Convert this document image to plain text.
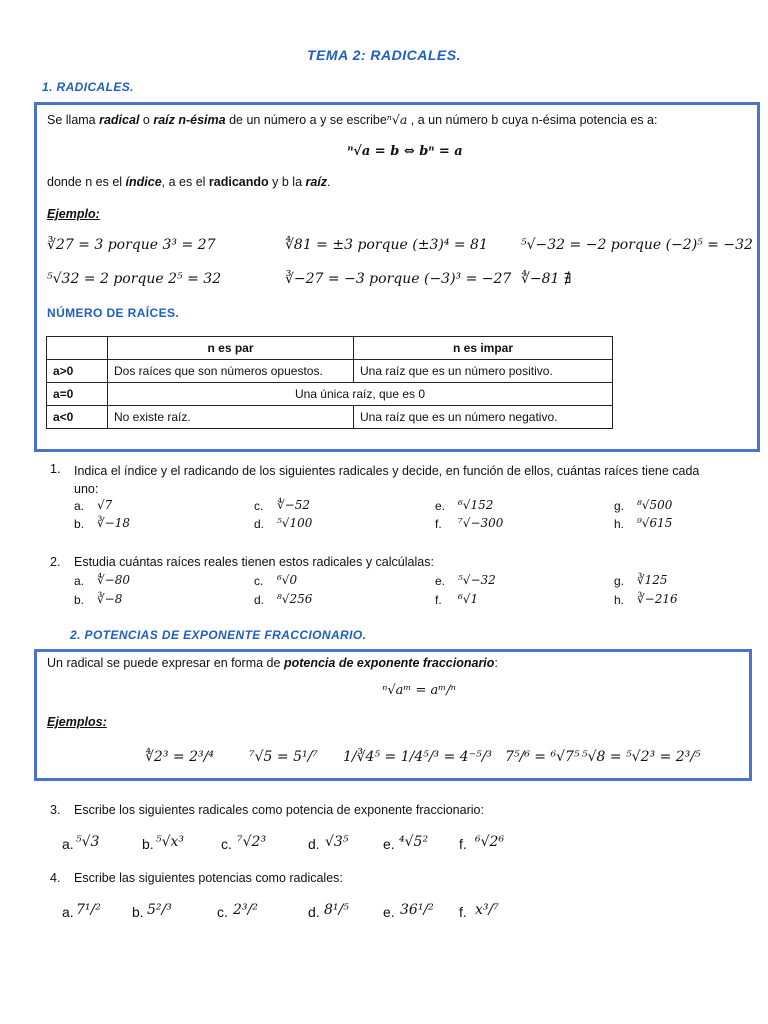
TEMA 2: RADICALES.
1. RADICALES.
Se llama radical o raíz n-ésima de un número a y se escribeⁿ√a , a un número b cuya n-ésima potencia es a:
ⁿ√a = b ⇔ bⁿ = a
donde n es el índice, a es el radicando y b la raíz.
Ejemplo:
∛27 = 3 porque 3³ = 27	∜81 = ±3 porque (±3)⁴ = 81 ⁵√−32 = −2 porque (−2)⁵ = −32
⁵√32 = 2 porque 2⁵ = 32	∛−27 = −3 porque (−3)³ = −27 ∜−81 ∄
NÚMERO DE RAÍCES.
	n es par	n es impar
a>0	Dos raíces que son números opuestos.	Una raíz que es un número positivo.
a=0	Una única raíz, que es 0	
a<0	No existe raíz.	Una raíz que es un número negativo.
1. Indica el índice y el radicando de los siguientes radicales y decide, en función de ellos, cuántas raíces tiene cada uno:
a. √7	c. ∜−52	e. ⁶√152	g. ⁸√500
b. ∛−18	d. ⁵√100	f. ⁷√−300	h. ⁹√615
2. Estudia cuántas raíces reales tienen estos radicales y calcúlalas:
a. ∜−80	c. ⁶√0	e. ⁵√−32	g. ∛125
b. ∛−8	d. ⁸√256	f. ⁶√1	h. ∛−216
2. POTENCIAS DE EXPONENTE FRACCIONARIO.
Un radical se puede expresar en forma de potencia de exponente fraccionario:
ⁿ√aᵐ = aᵐ/ⁿ
Ejemplos:
∜2³ = 2³/⁴	⁷√5 = 5¹/⁷ 1/∛4⁵ = 1/4⁵/³ = 4⁻⁵/³ 7⁵/⁶ = ⁶√7⁵ ⁵√8 = ⁵√2³ = 2³/⁵
3. Escribe los siguientes radicales como potencia de exponente fraccionario:
a. ⁵√3	b. ⁵√x³	c. ⁷√2³	d. √3⁵ e. ⁴√5² f. ⁶√2⁶
4. Escribe las siguientes potencias como radicales:
a. 7¹/² b. 5²/³	c. 2³/²	d. 8¹/⁵ e. 36¹/² f. x³/⁷
